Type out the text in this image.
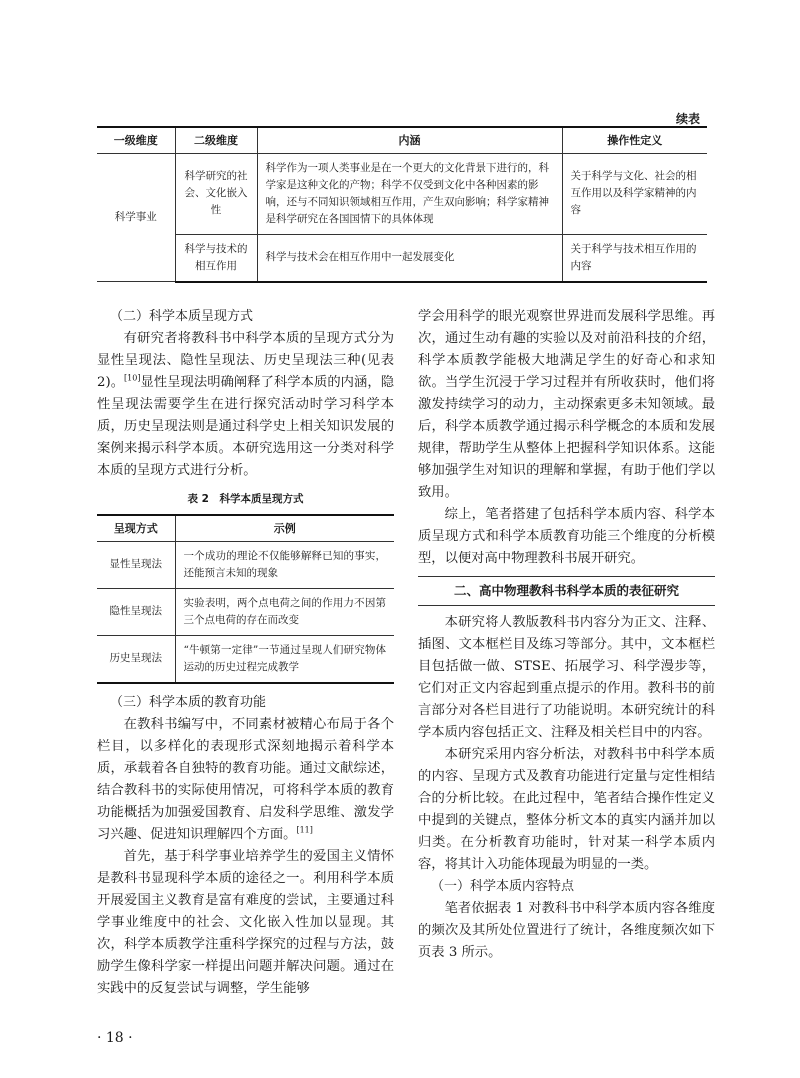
续表
一级维度	二级维度	内涵	操作性定义
科学事业	科学研究的社会、文化嵌入性	科学作为一项人类事业是在一个更大的文化背景下进行的，科学家是这种文化的产物；科学不仅受到文化中各种因素的影响，还与不同知识领域相互作用，产生双向影响；科学家精神是科学研究在各国国情下的具体体现	关于科学与文化、社会的相互作用以及科学家精神的内容
	科学与技术的相互作用	科学与技术会在相互作用中一起发展变化	关于科学与技术相互作用的内容
（二）科学本质呈现方式

有研究者将教科书中科学本质的呈现方式分为显性呈现法、隐性呈现法、历史呈现法三种(见表 2)。[10]显性呈现法明确阐释了科学本质的内涵，隐性呈现法需要学生在进行探究活动时学习科学本质，历史呈现法则是通过科学史上相关知识发展的案例来揭示科学本质。本研究选用这一分类对科学本质的呈现方式进行分析。

表 2　科学本质呈现方式
呈现方式	示例
显性呈现法	一个成功的理论不仅能够解释已知的事实，还能预言未知的现象
隐性呈现法	实验表明，两个点电荷之间的作用力不因第三个点电荷的存在而改变
历史呈现法	“牛顿第一定律”一节通过呈现人们研究物体运动的历史过程完成教学
（三）科学本质的教育功能

在教科书编写中，不同素材被精心布局于各个栏目，以多样化的表现形式深刻地揭示着科学本质，承载着各自独特的教育功能。通过文献综述，结合教科书的实际使用情况，可将科学本质的教育功能概括为加强爱国教育、启发科学思维、激发学习兴趣、促进知识理解四个方面。[11]

首先，基于科学事业培养学生的爱国主义情怀是教科书显现科学本质的途径之一。利用科学本质开展爱国主义教育是富有难度的尝试，主要通过科学事业维度中的社会、文化嵌入性加以显现。其次，科学本质教学注重科学探究的过程与方法，鼓励学生像科学家一样提出问题并解决问题。通过在实践中的反复尝试与调整，学生能够

学会用科学的眼光观察世界进而发展科学思维。再次，通过生动有趣的实验以及对前沿科技的介绍，科学本质教学能极大地满足学生的好奇心和求知欲。当学生沉浸于学习过程并有所收获时，他们将激发持续学习的动力，主动探索更多未知领域。最后，科学本质教学通过揭示科学概念的本质和发展规律，帮助学生从整体上把握科学知识体系。这能够加强学生对知识的理解和掌握，有助于他们学以致用。

综上，笔者搭建了包括科学本质内容、科学本质呈现方式和科学本质教育功能三个维度的分析模型，以便对高中物理教科书展开研究。

二、高中物理教科书科学本质的表征研究

本研究将人教版教科书内容分为正文、注释、插图、文本框栏目及练习等部分。其中，文本框栏目包括做一做、STSE、拓展学习、科学漫步等，它们对正文内容起到重点提示的作用。教科书的前言部分对各栏目进行了功能说明。本研究统计的科学本质内容包括正文、注释及相关栏目中的内容。

本研究采用内容分析法，对教科书中科学本质的内容、呈现方式及教育功能进行定量与定性相结合的分析比较。在此过程中，笔者结合操作性定义中提到的关键点，整体分析文本的真实内涵并加以归类。在分析教育功能时，针对某一科学本质内容，将其计入功能体现最为明显的一类。

（一）科学本质内容特点

笔者依据表 1 对教科书中科学本质内容各维度的频次及其所处位置进行了统计，各维度频次如下页表 3 所示。

· 18 ·
